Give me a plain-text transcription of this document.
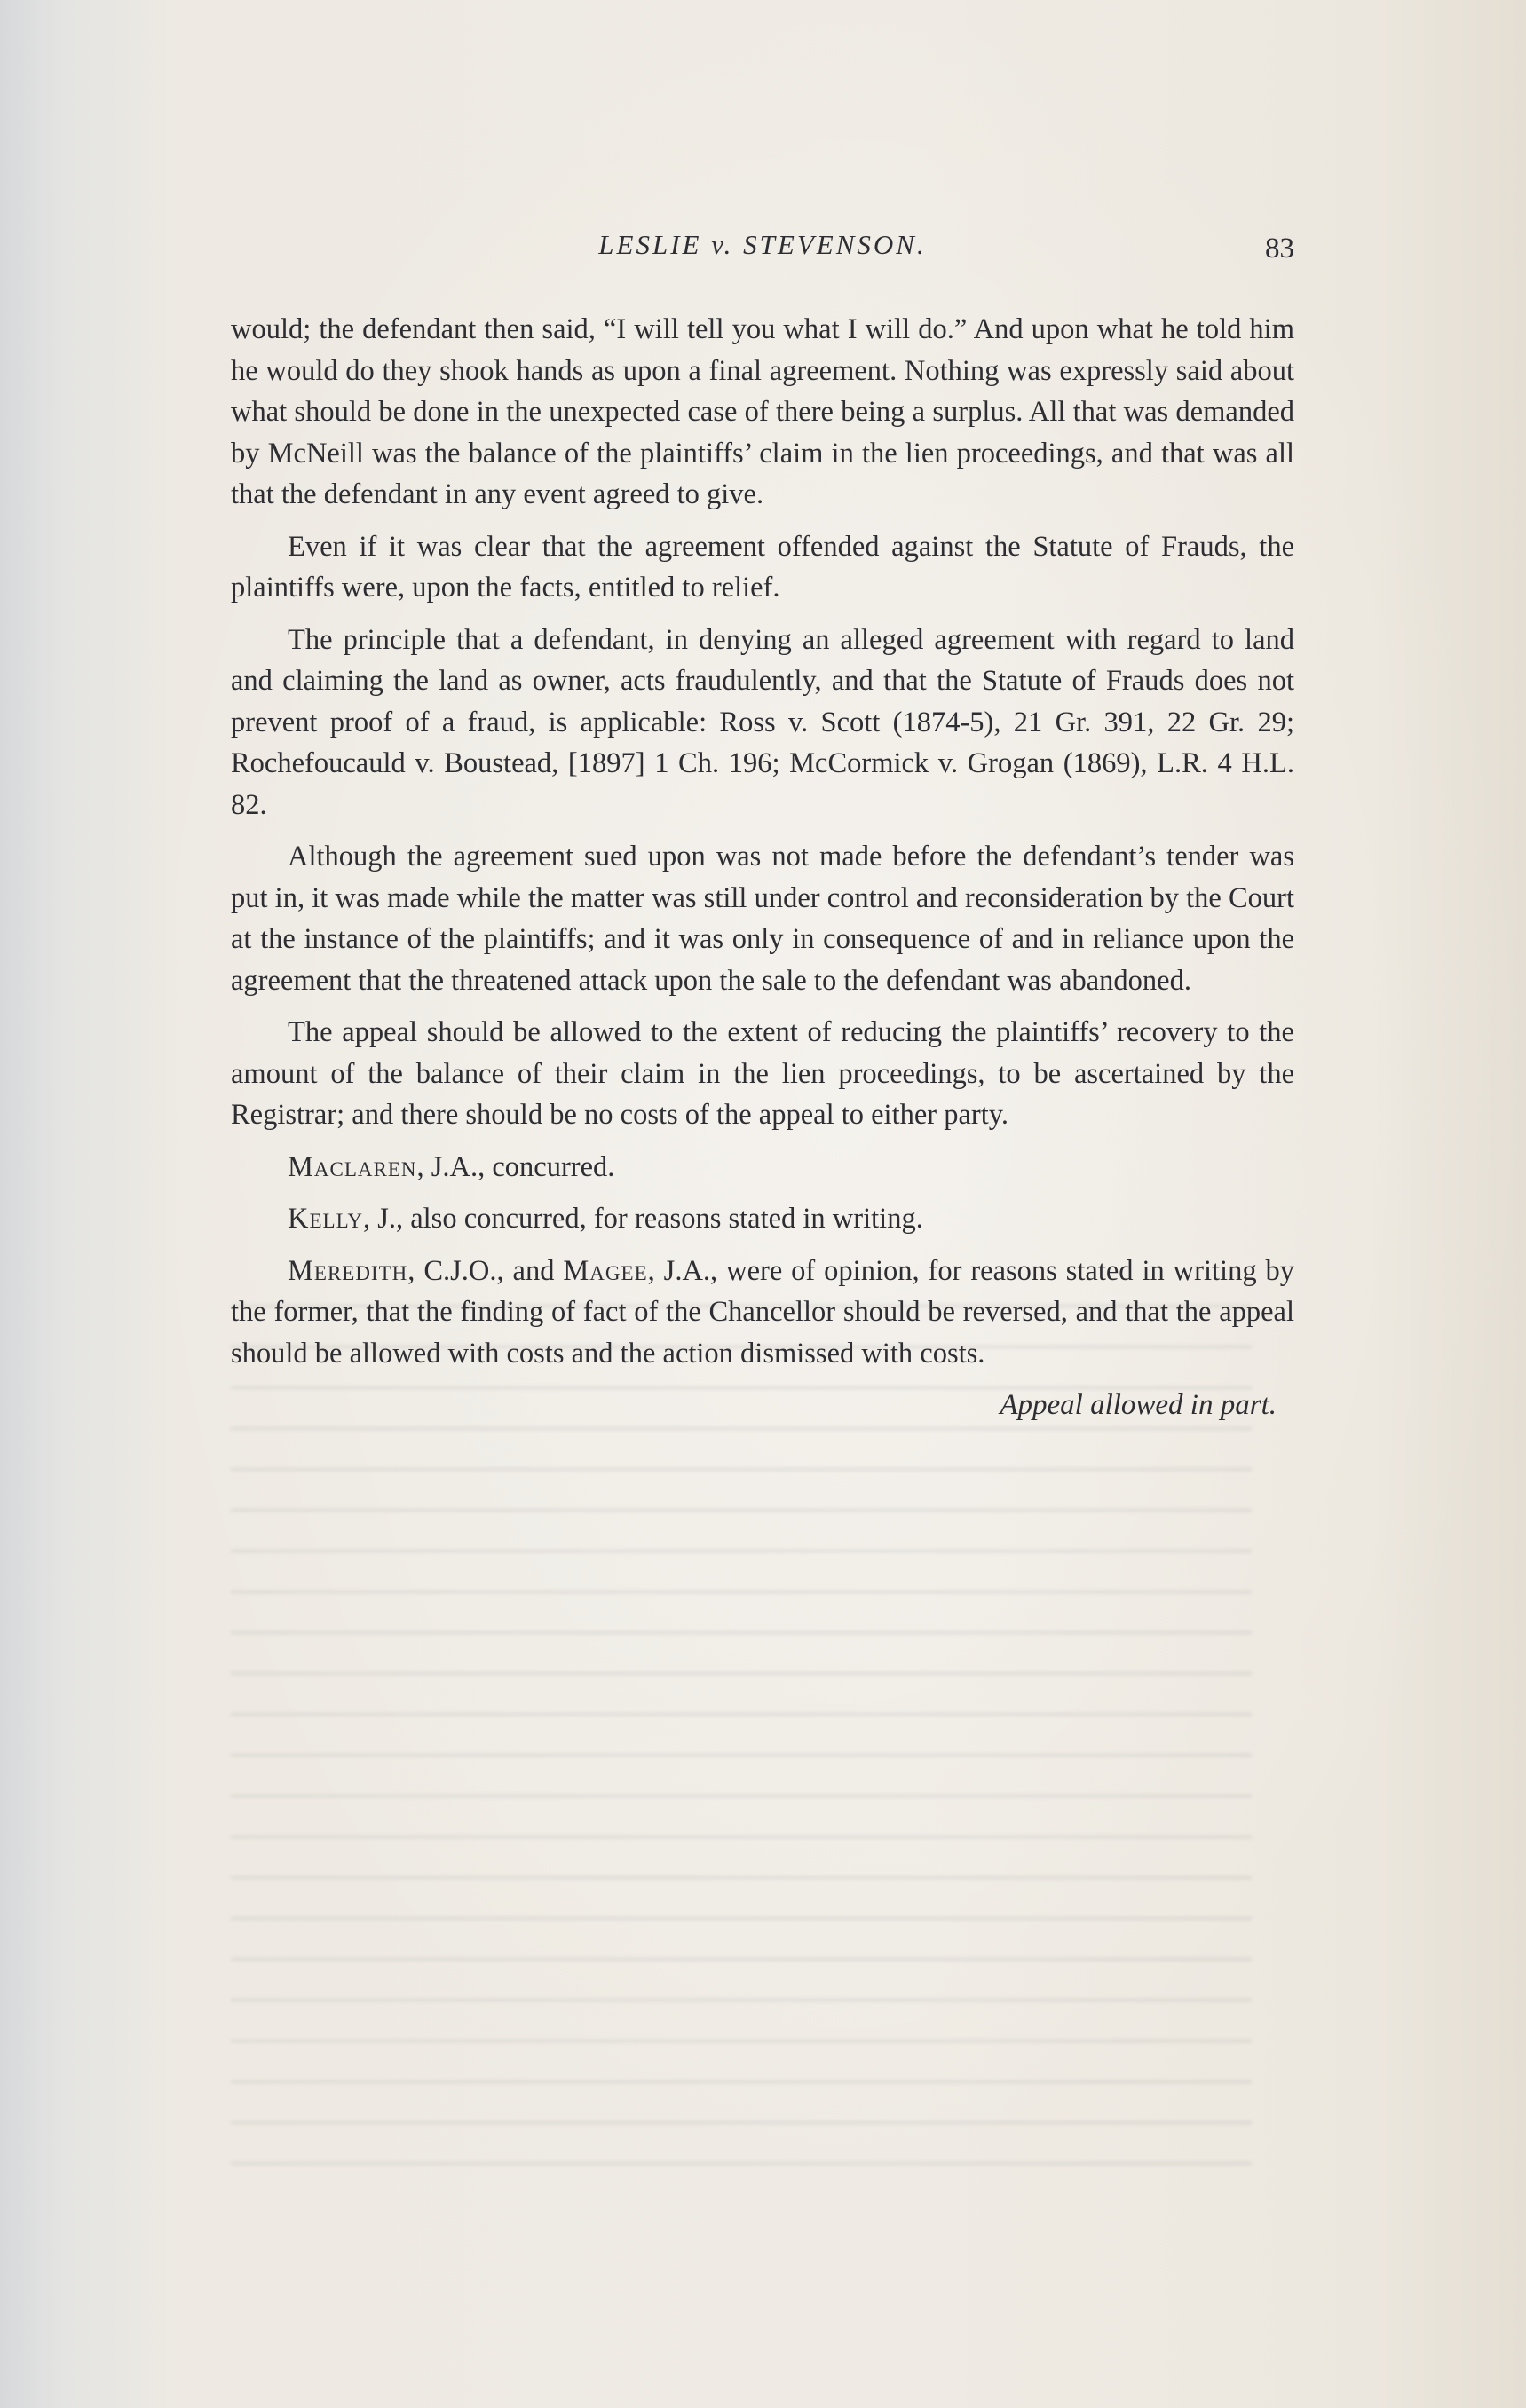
LESLIE v. STEVENSON.	83

would; the defendant then said, “I will tell you what I will do.” And upon what he told him he would do they shook hands as upon a final agreement. Nothing was expressly said about what should be done in the unexpected case of there being a surplus. All that was demanded by McNeill was the balance of the plaintiffs’ claim in the lien proceedings, and that was all that the defendant in any event agreed to give.

Even if it was clear that the agreement offended against the Statute of Frauds, the plaintiffs were, upon the facts, entitled to relief.

The principle that a defendant, in denying an alleged agreement with regard to land and claiming the land as owner, acts fraudulently, and that the Statute of Frauds does not prevent proof of a fraud, is applicable: Ross v. Scott (1874-5), 21 Gr. 391, 22 Gr. 29; Rochefoucauld v. Boustead, [1897] 1 Ch. 196; McCormick v. Grogan (1869), L.R. 4 H.L. 82.

Although the agreement sued upon was not made before the defendant’s tender was put in, it was made while the matter was still under control and reconsideration by the Court at the instance of the plaintiffs; and it was only in consequence of and in reliance upon the agreement that the threatened attack upon the sale to the defendant was abandoned.

The appeal should be allowed to the extent of reducing the plaintiffs’ recovery to the amount of the balance of their claim in the lien proceedings, to be ascertained by the Registrar; and there should be no costs of the appeal to either party.

Maclaren, J.A., concurred.

Kelly, J., also concurred, for reasons stated in writing.

Meredith, C.J.O., and Magee, J.A., were of opinion, for reasons stated in writing by the former, that the finding of fact of the Chancellor should be reversed, and that the appeal should be allowed with costs and the action dismissed with costs.

Appeal allowed in part.
